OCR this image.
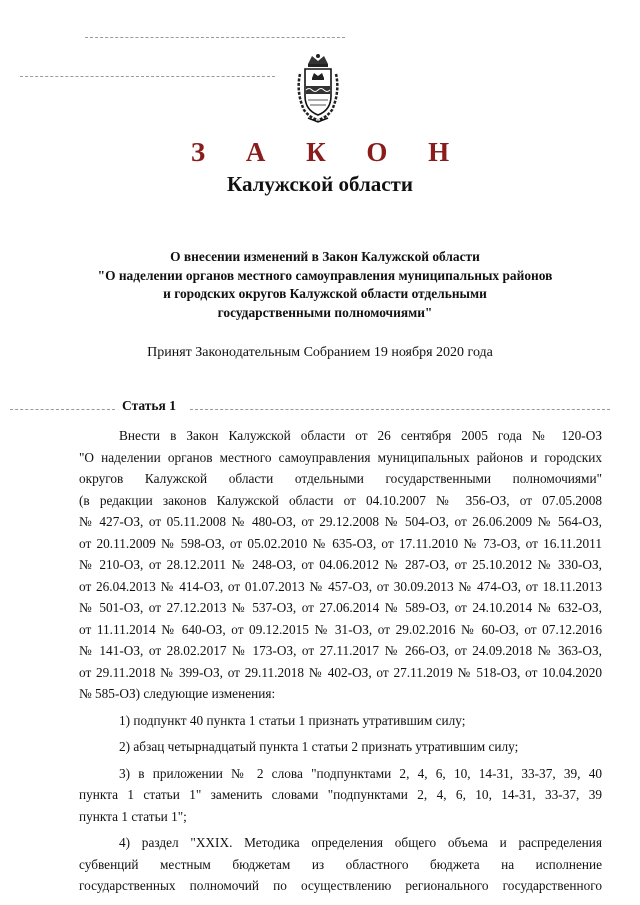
З А К О Н
Калужской области
О внесении изменений в Закон Калужской области
"О наделении органов местного самоуправления муниципальных районов
и городских округов Калужской области отдельными
государственными полномочиями"
Принят Законодательным Собранием 19 ноября 2020 года
Статья 1
Внести в Закон Калужской области от 26 сентября 2005 года № 120-ОЗ
"О наделении органов местного самоуправления муниципальных районов и городских
округов Калужской области отдельными государственными полномочиями"
(в редакции законов Калужской области от 04.10.2007 № 356-ОЗ, от 07.05.2008
№ 427-ОЗ, от 05.11.2008 № 480-ОЗ, от 29.12.2008 № 504-ОЗ, от 26.06.2009 № 564-ОЗ,
от 20.11.2009 № 598-ОЗ, от 05.02.2010 № 635-ОЗ, от 17.11.2010 № 73-ОЗ, от 16.11.2011
№ 210-ОЗ, от 28.12.2011 № 248-ОЗ, от 04.06.2012 № 287-ОЗ, от 25.10.2012 № 330-ОЗ,
от 26.04.2013 № 414-ОЗ, от 01.07.2013 № 457-ОЗ, от 30.09.2013 № 474-ОЗ, от 18.11.2013
№ 501-ОЗ, от 27.12.2013 № 537-ОЗ, от 27.06.2014 № 589-ОЗ, от 24.10.2014 № 632-ОЗ,
от 11.11.2014 № 640-ОЗ, от 09.12.2015 № 31-ОЗ, от 29.02.2016 № 60-ОЗ, от 07.12.2016
№ 141-ОЗ, от 28.02.2017 № 173-ОЗ, от 27.11.2017 № 266-ОЗ, от 24.09.2018 № 363-ОЗ,
от 29.11.2018 № 399-ОЗ, от 29.11.2018 № 402-ОЗ, от 27.11.2019 № 518-ОЗ, от 10.04.2020
№ 585-ОЗ) следующие изменения:
1) подпункт 40 пункта 1 статьи 1 признать утратившим силу;
2) абзац четырнадцатый пункта 1 статьи 2 признать утратившим силу;
3) в приложении № 2 слова "подпунктами 2, 4, 6, 10, 14-31, 33-37, 39, 40
пункта 1 статьи 1" заменить словами "подпунктами 2, 4, 6, 10, 14-31, 33-37, 39
пункта 1 статьи 1";
4) раздел "XXIX. Методика определения общего объема и распределения
субвенций местным бюджетам из областного бюджета на исполнение
государственных полномочий по осуществлению регионального государственного
